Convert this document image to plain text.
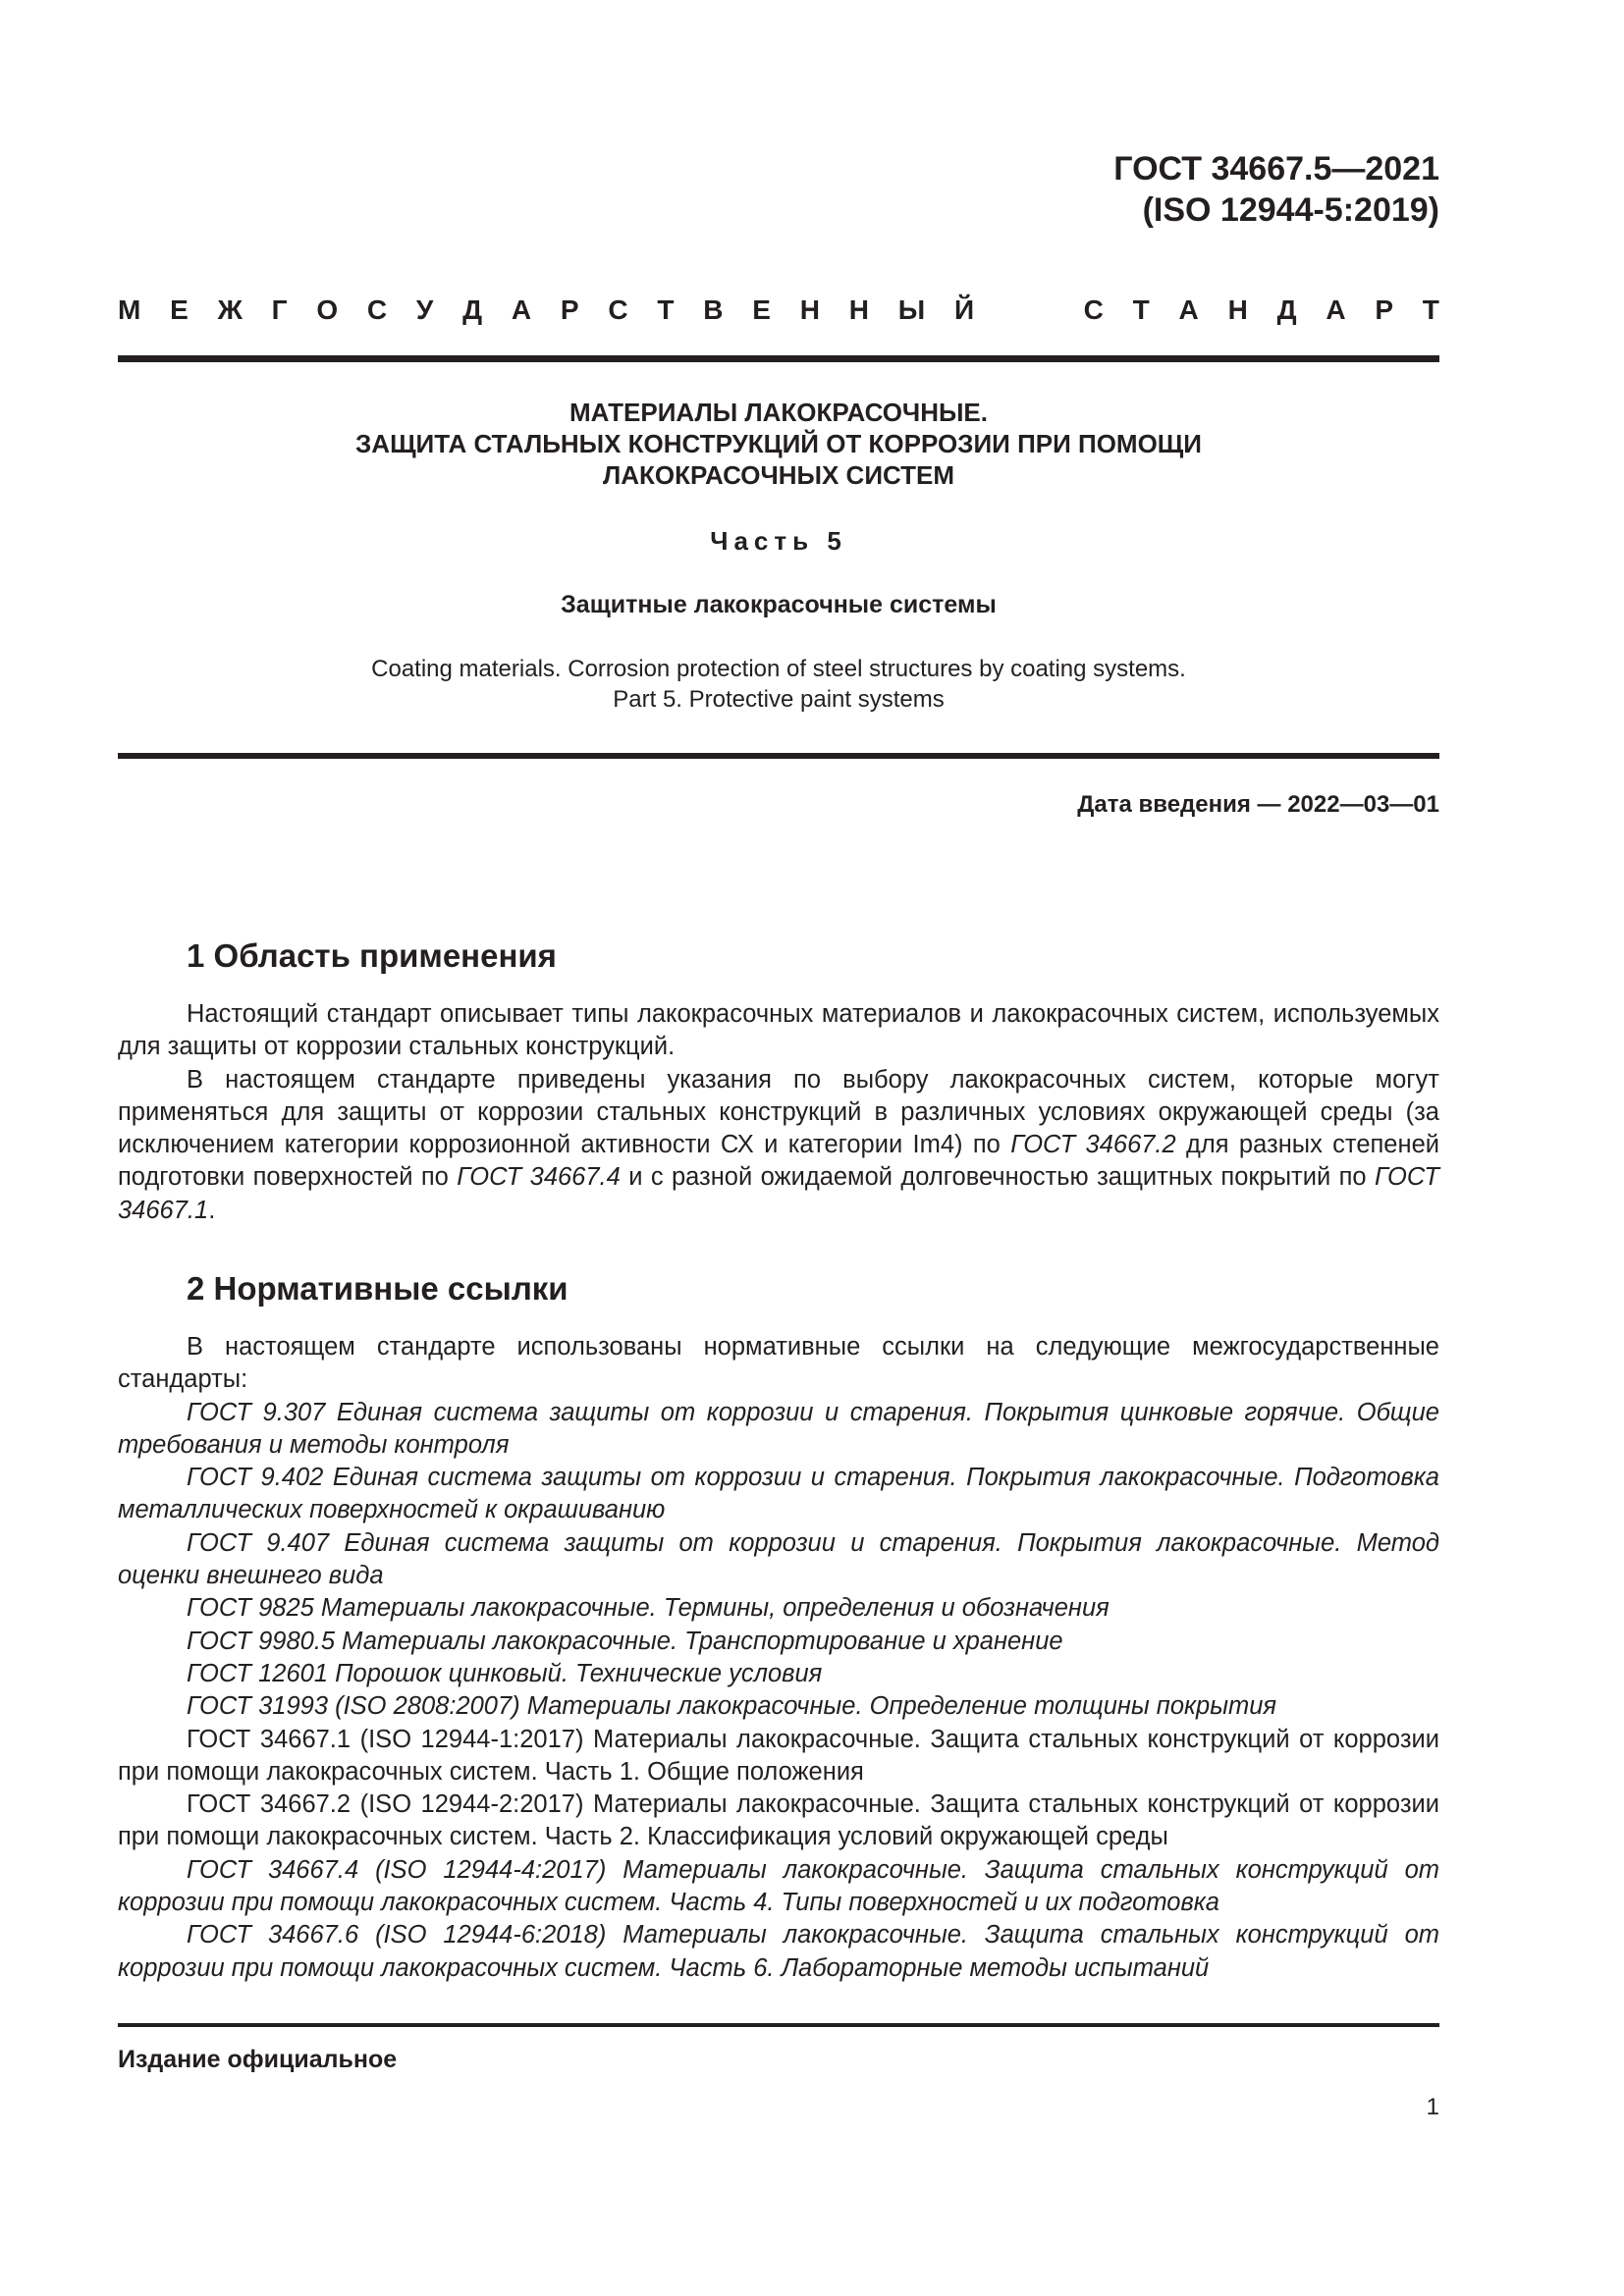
ГОСТ 34667.5—2021
(ISO 12944-5:2019)
М Е Ж Г О С У Д А Р С Т В Е Н Н Ы Й	С Т А Н Д А Р Т
МАТЕРИАЛЫ ЛАКОКРАСОЧНЫЕ.
ЗАЩИТА СТАЛЬНЫХ КОНСТРУКЦИЙ ОТ КОРРОЗИИ ПРИ ПОМОЩИ
ЛАКОКРАСОЧНЫХ СИСТЕМ
Часть 5
Защитные лакокрасочные системы
Coating materials. Corrosion protection of steel structures by coating systems.
Part 5. Protective paint systems
Дата введения — 2022—03—01
1 Область применения

Настоящий стандарт описывает типы лакокрасочных материалов и лакокрасочных систем, используемых для защиты от коррозии стальных конструкций.

В настоящем стандарте приведены указания по выбору лакокрасочных систем, которые могут применяться для защиты от коррозии стальных конструкций в различных условиях окружающей среды (за исключением категории коррозионной активности СХ и категории Im4) по ГОСТ 34667.2 для разных степеней подготовки поверхностей по ГОСТ 34667.4 и с разной ожидаемой долговечностью защитных покрытий по ГОСТ 34667.1.

2 Нормативные ссылки

В настоящем стандарте использованы нормативные ссылки на следующие межгосударственные стандарты:

ГОСТ 9.307 Единая система защиты от коррозии и старения. Покрытия цинковые горячие. Общие требования и методы контроля

ГОСТ 9.402 Единая система защиты от коррозии и старения. Покрытия лакокрасочные. Подготовка металлических поверхностей к окрашиванию

ГОСТ 9.407 Единая система защиты от коррозии и старения. Покрытия лакокрасочные. Метод оценки внешнего вида

ГОСТ 9825 Материалы лакокрасочные. Термины, определения и обозначения

ГОСТ 9980.5 Материалы лакокрасочные. Транспортирование и хранение

ГОСТ 12601 Порошок цинковый. Технические условия

ГОСТ 31993 (ISO 2808:2007) Материалы лакокрасочные. Определение толщины покрытия

ГОСТ 34667.1 (ISO 12944-1:2017) Материалы лакокрасочные. Защита стальных конструкций от коррозии при помощи лакокрасочных систем. Часть 1. Общие положения

ГОСТ 34667.2 (ISO 12944-2:2017) Материалы лакокрасочные. Защита стальных конструкций от коррозии при помощи лакокрасочных систем. Часть 2. Классификация условий окружающей среды

ГОСТ 34667.4 (ISO 12944-4:2017) Материалы лакокрасочные. Защита стальных конструкций от коррозии при помощи лакокрасочных систем. Часть 4. Типы поверхностей и их подготовка

ГОСТ 34667.6 (ISO 12944-6:2018) Материалы лакокрасочные. Защита стальных конструкций от коррозии при помощи лакокрасочных систем. Часть 6. Лабораторные методы испытаний

Издание официальное
1
